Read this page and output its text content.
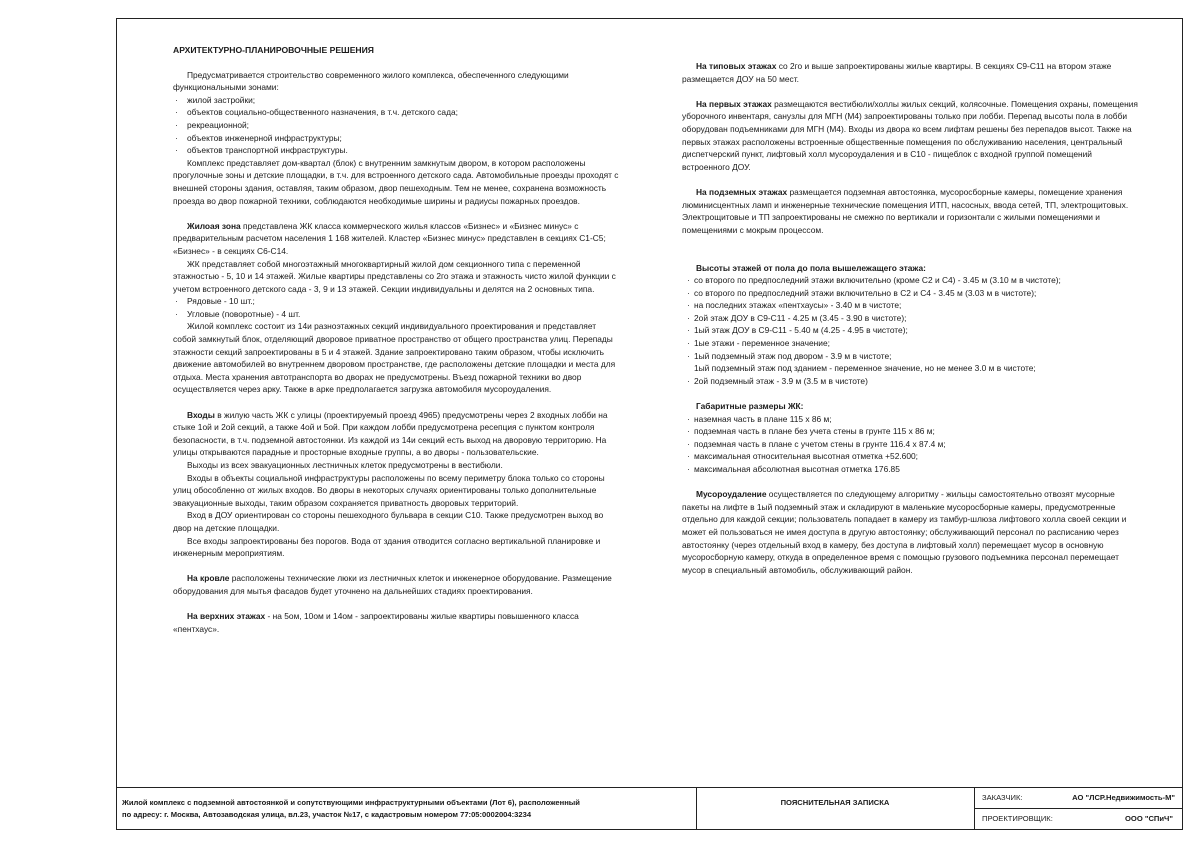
АРХИТЕКТУРНО-ПЛАНИРОВОЧНЫЕ РЕШЕНИЯ

Предусматривается строительство современного жилого комплекса, обеспеченного следующими функциональными зонами:

· жилой застройки;
· объектов социально-общественного назначения, в т.ч. детского сада;
· рекреационной;
· объектов инженерной инфраструктуры;
· объектов транспортной инфраструктуры.

Комплекс представляет дом-квартал (блок) с внутренним замкнутым двором, в котором расположены прогулочные зоны и детские площадки, в т.ч. для встроенного детского сада. Автомобильные проезды проходят с внешней стороны здания, оставляя, таким образом, двор пешеходным. Тем не менее, сохранена возможность проезда во двор пожарной техники, соблюдаются необходимые ширины и радиусы пожарных проездов.

Жилоая зона представлена ЖК класса коммерческого жилья классов «Бизнес» и «Бизнес минус» с предварительным расчетом населения 1 168 жителей. Кластер «Бизнес минус» представлен в секциях С1-С5; «Бизнес» - в секциях С6-С14.

ЖК представляет собой многоэтажный многоквартирный жилой дом секционного типа с переменной этажностью - 5, 10 и 14 этажей. Жилые квартиры представлены со 2го этажа и этажность чисто жилой функции с учетом встроенного детского сада - 3, 9 и 13 этажей. Секции индивидуальны и делятся на 2 основных типа.

· Рядовые - 10 шт.;
· Угловые (поворотные) - 4 шт.

Жилой комплекс состоит из 14и разноэтажных секций индивидуального проектирования и представляет собой замкнутый блок, отделяющий дворовое приватное пространство от общего пространства улиц. Перепады этажности секций запроектированы в 5 и 4 этажей. Здание запроектировано таким образом, чтобы исключить движение автомобилей во внутреннем дворовом пространстве, где расположены детские площадки и места для отдыха. Места хранения автотранспорта во дворах не предусмотрены. Въезд пожарной техники во двор осуществляется через арку. Также в арке предполагается загрузка автомобиля мусороудаления.

Входы в жилую часть ЖК с улицы (проектируемый проезд 4965) предусмотрены через 2 входных лобби на стыке 1ой и 2ой секций, а также 4ой и 5ой. При каждом лобби предусмотрена ресепция с пунктом контроля безопасности, в т.ч. подземной автостоянки. Из каждой из 14и секций есть выход на дворовую территорию. На улицы открываются парадные и просторные входные группы, а во дворы - пользовательские.

Выходы из всех эвакуационных лестничных клеток предусмотрены в вестибюли.

Входы в объекты социальной инфраструктуры расположены по всему периметру блока только со стороны улиц обособленно от жилых входов. Во дворы в некоторых случаях ориентированы только дополнительные эвакуационные выходы, таким образом сохраняется приватность дворовых территорий.

Вход в ДОУ ориентирован со стороны пешеходного бульвара в секции С10. Также предусмотрен выход во двор на детские площадки.

Все входы запроектированы без порогов. Вода от здания отводится согласно вертикальной планировке и инженерным мероприятиям.

На кровле расположены технические люки из лестничных клеток и инженерное оборудование. Размещение оборудования для мытья фасадов будет уточнено на дальнейших стадиях проектирования.

На верхних этажах - на 5ом, 10ом и 14ом - запроектированы жилые квартиры повышенного класса «пентхаус».

На типовых этажах со 2го и выше запроектированы жилые квартиры. В секциях С9-С11 на втором этаже размещается ДОУ на 50 мест.

На первых этажах размещаются вестибюли/холлы жилых секций, колясочные. Помещения охраны, помещения уборочного инвентаря, санузлы для МГН (М4) запроектированы только при лобби. Перепад высоты пола в лобби оборудован подъемниками для МГН (М4). Входы из двора ко всем лифтам решены без перепадов высот. Также на первых этажах расположены встроенные общественные помещения по обслуживанию населения, центральный диспетчерский пункт, лифтовый холл мусороудаления и в С10 - пищеблок с входной группой помещений встроенного ДОУ.

На подземных этажах размещается подземная автостоянка, мусоросборные камеры, помещение хранения люминисцентных ламп и инженерные технические помещения ИТП, насосных, ввода сетей, ТП, электрощитовых. Электрощитовые и ТП запроектированы не смежно по вертикали и горизонтали с жилыми помещениями и помещениями с мокрым процессом.

Высоты этажей от пола до пола вышележащего этажа:

· со второго по предпоследний этажи включительно (кроме С2 и С4) - 3.45 м (3.10 м в чистоте);
· со второго по предпоследний этажи включительно в С2 и С4 - 3.45 м (3.03 м в чистоте);
· на последних этажах «пентхаусы» - 3.40 м в чистоте;
· 2ой этаж ДОУ в С9-С11 - 4.25 м (3.45 - 3.90 в чистоте);
· 1ый этаж ДОУ в С9-С11 - 5.40 м (4.25 - 4.95 в чистоте);
· 1ые этажи - переменное значение;
· 1ый подземный этаж под двором - 3.9 м в чистоте;
1ый подземный этаж под зданием - переменное значение, но не менее 3.0 м в чистоте;
· 2ой подземный этаж - 3.9 м (3.5 м в чистоте)

Габаритные размеры ЖК:

· наземная часть в плане 115 x 86 м;
· подземная часть в плане без учета стены в грунте 115 x 86 м;
· подземная часть в плане с учетом стены в грунте 116.4 x 87.4 м;
· максимальная относительная высотная отметка +52.600;
· максимальная абсолютная высотная отметка 176.85

Мусороудаление осуществляется по следующему алгоритму - жильцы самостоятельно отвозят мусорные пакеты на лифте в 1ый подземный этаж и складируют в маленькие мусоросборные камеры, предусмотренные отдельно для каждой секции; пользователь попадает в камеру из тамбур-шлюза лифтового холла своей секции и может ей пользоваться не имея доступа в другую автостоянку; обслуживающий персонал по расписанию через автостоянку (через отдельный вход в камеру, без доступа в лифтовый холл) перемещает мусор в основную мусоросборную камеру, откуда в определенное время с помощью грузового подъемника персонал перемещает мусор в специальный автомобиль, обслуживающий район.

Жилой комплекс с подземной автостоянкой и сопутствующими инфраструктурными объектами (Лот 6), расположенный
по адресу: г. Москва, Автозаводская улица, вл.23, участок №17, с кадастровым номером 77:05:0002004:3234
ПОЯСНИТЕЛЬНАЯ ЗАПИСКА
ЗАКАЗЧИК:	АО "ЛСР.Недвижимость-М"
ПРОЕКТИРОВЩИК:	ООО "СПиЧ"
